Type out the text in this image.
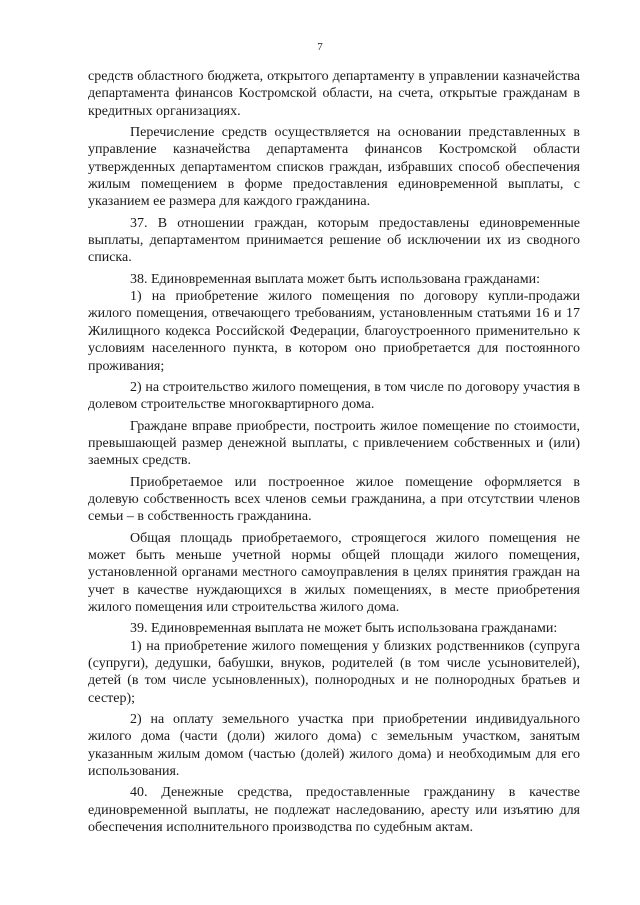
7

средств областного бюджета, открытого департаменту в управлении казначейства департамента финансов Костромской области, на счета, открытые гражданам в кредитных организациях.

Перечисление средств осуществляется на основании представленных в управление казначейства департамента финансов Костромской области утвержденных департаментом списков граждан, избравших способ обеспечения жилым помещением в форме предоставления единовременной выплаты, с указанием ее размера для каждого гражданина.

37. В отношении граждан, которым предоставлены единовременные выплаты, департаментом принимается решение об исключении их из сводного списка.

38. Единовременная выплата может быть использована гражданами:

1) на приобретение жилого помещения по договору купли-продажи жилого помещения, отвечающего требованиям, установленным статьями 16 и 17 Жилищного кодекса Российской Федерации, благоустроенного применительно к условиям населенного пункта, в котором оно приобретается для постоянного проживания;

2) на строительство жилого помещения, в том числе по договору участия в долевом строительстве многоквартирного дома.

Граждане вправе приобрести, построить жилое помещение по стоимости, превышающей размер денежной выплаты, с привлечением собственных и (или) заемных средств.

Приобретаемое или построенное жилое помещение оформляется в долевую собственность всех членов семьи гражданина, а при отсутствии членов семьи – в собственность гражданина.

Общая площадь приобретаемого, строящегося жилого помещения не может быть меньше учетной нормы общей площади жилого помещения, установленной органами местного самоуправления в целях принятия граждан на учет в качестве нуждающихся в жилых помещениях, в месте приобретения жилого помещения или строительства жилого дома.

39. Единовременная выплата не может быть использована гражданами:

1) на приобретение жилого помещения у близких родственников (супруга (супруги), дедушки, бабушки, внуков, родителей (в том числе усыновителей), детей (в том числе усыновленных), полнородных и не полнородных братьев и сестер);

2) на оплату земельного участка при приобретении индивидуального жилого дома (части (доли) жилого дома) с земельным участком, занятым указанным жилым домом (частью (долей) жилого дома) и необходимым для его использования.

40. Денежные средства, предоставленные гражданину в качестве единовременной выплаты, не подлежат наследованию, аресту или изъятию для обеспечения исполнительного производства по судебным актам.
